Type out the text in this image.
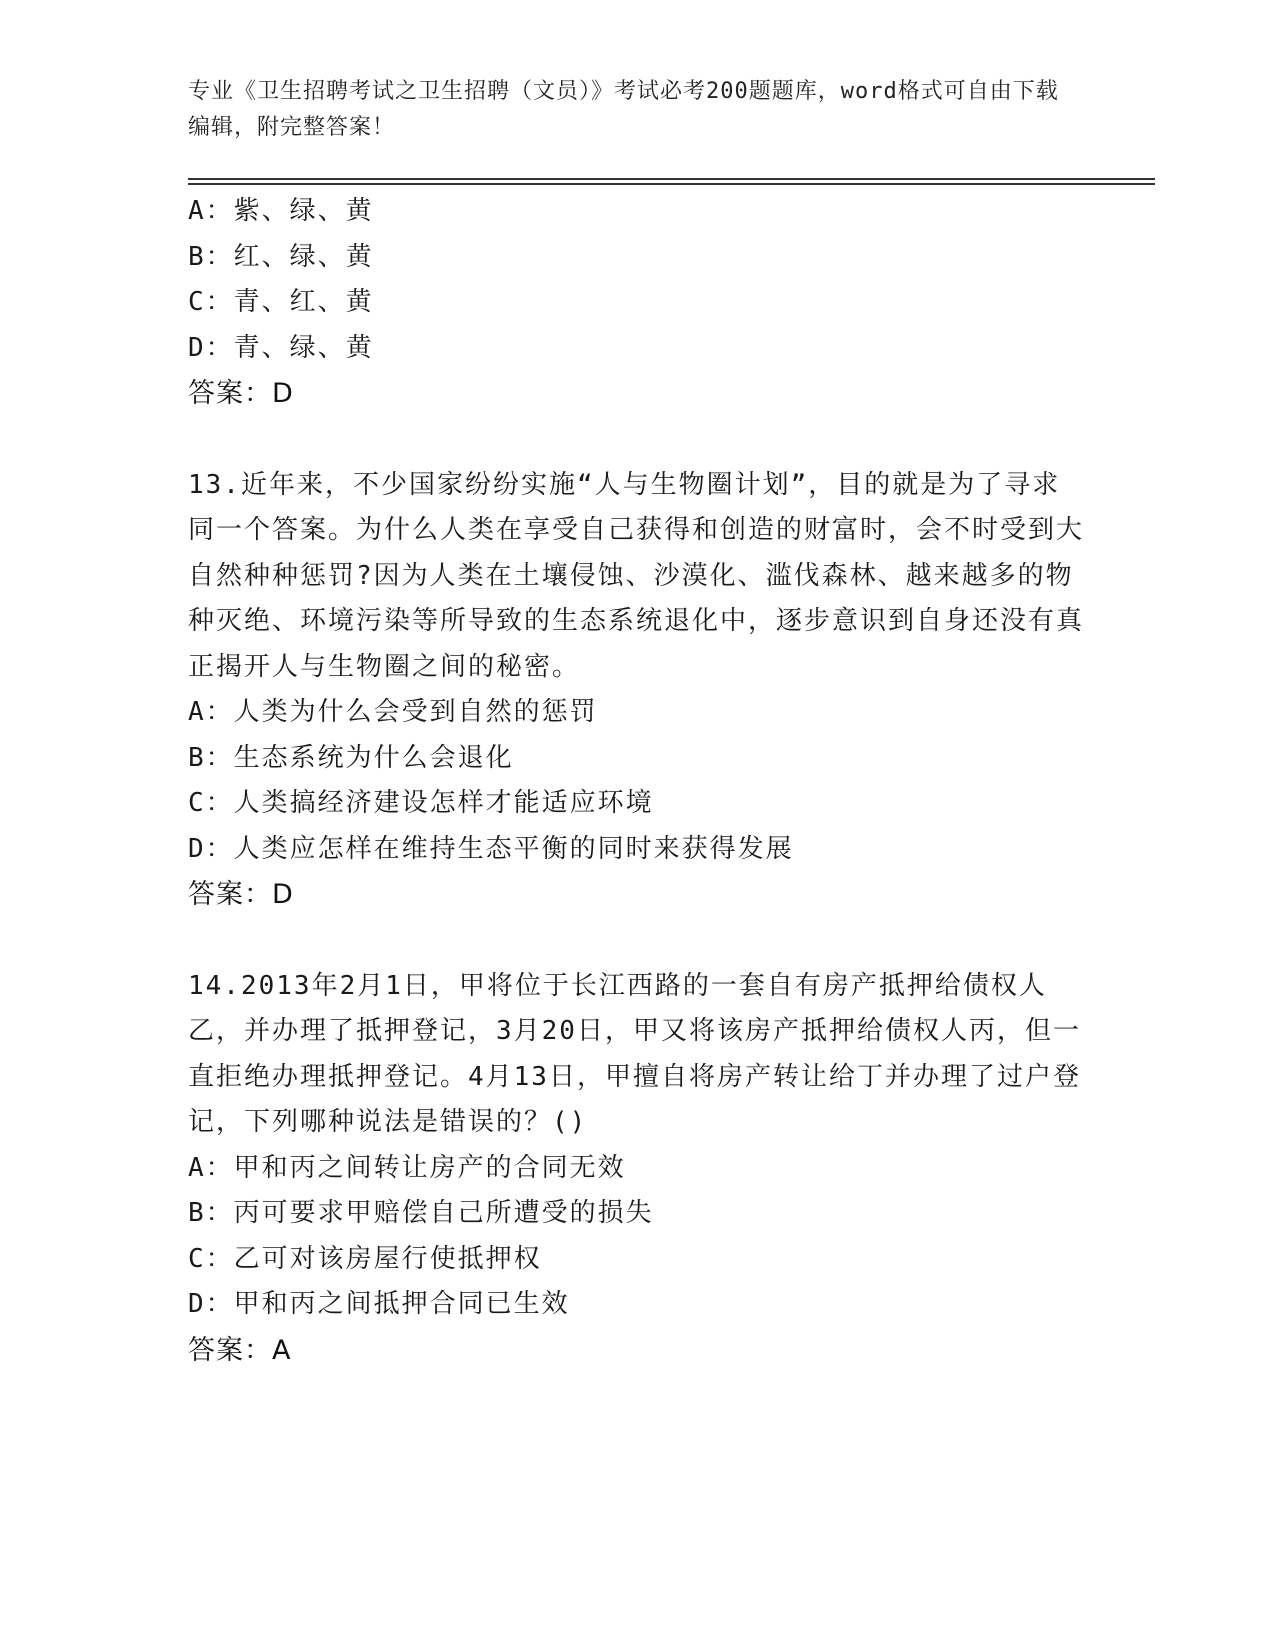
专业《卫生招聘考试之卫生招聘（文员）》考试必考200题题库，word格式可自由下载编辑，附完整答案！
A：紫、绿、黄
B：红、绿、黄
C：青、红、黄
D：青、绿、黄
答案：D
13.近年来，不少国家纷纷实施“人与生物圈计划”，目的就是为了寻求同一个答案。为什么人类在享受自己获得和创造的财富时，会不时受到大自然种种惩罚?因为人类在土壤侵蚀、沙漠化、滥伐森林、越来越多的物种灭绝、环境污染等所导致的生态系统退化中，逐步意识到自身还没有真正揭开人与生物圈之间的秘密。
A：人类为什么会受到自然的惩罚
B：生态系统为什么会退化
C：人类搞经济建设怎样才能适应环境
D：人类应怎样在维持生态平衡的同时来获得发展
答案：D
14.2013年2月1日，甲将位于长江西路的一套自有房产抵押给债权人乙，并办理了抵押登记，3月20日，甲又将该房产抵押给债权人丙，但一直拒绝办理抵押登记。4月13日，甲擅自将房产转让给丁并办理了过户登记，下列哪种说法是错误的？()
A：甲和丙之间转让房产的合同无效
B：丙可要求甲赔偿自己所遭受的损失
C：乙可对该房屋行使抵押权
D：甲和丙之间抵押合同已生效
答案：A
